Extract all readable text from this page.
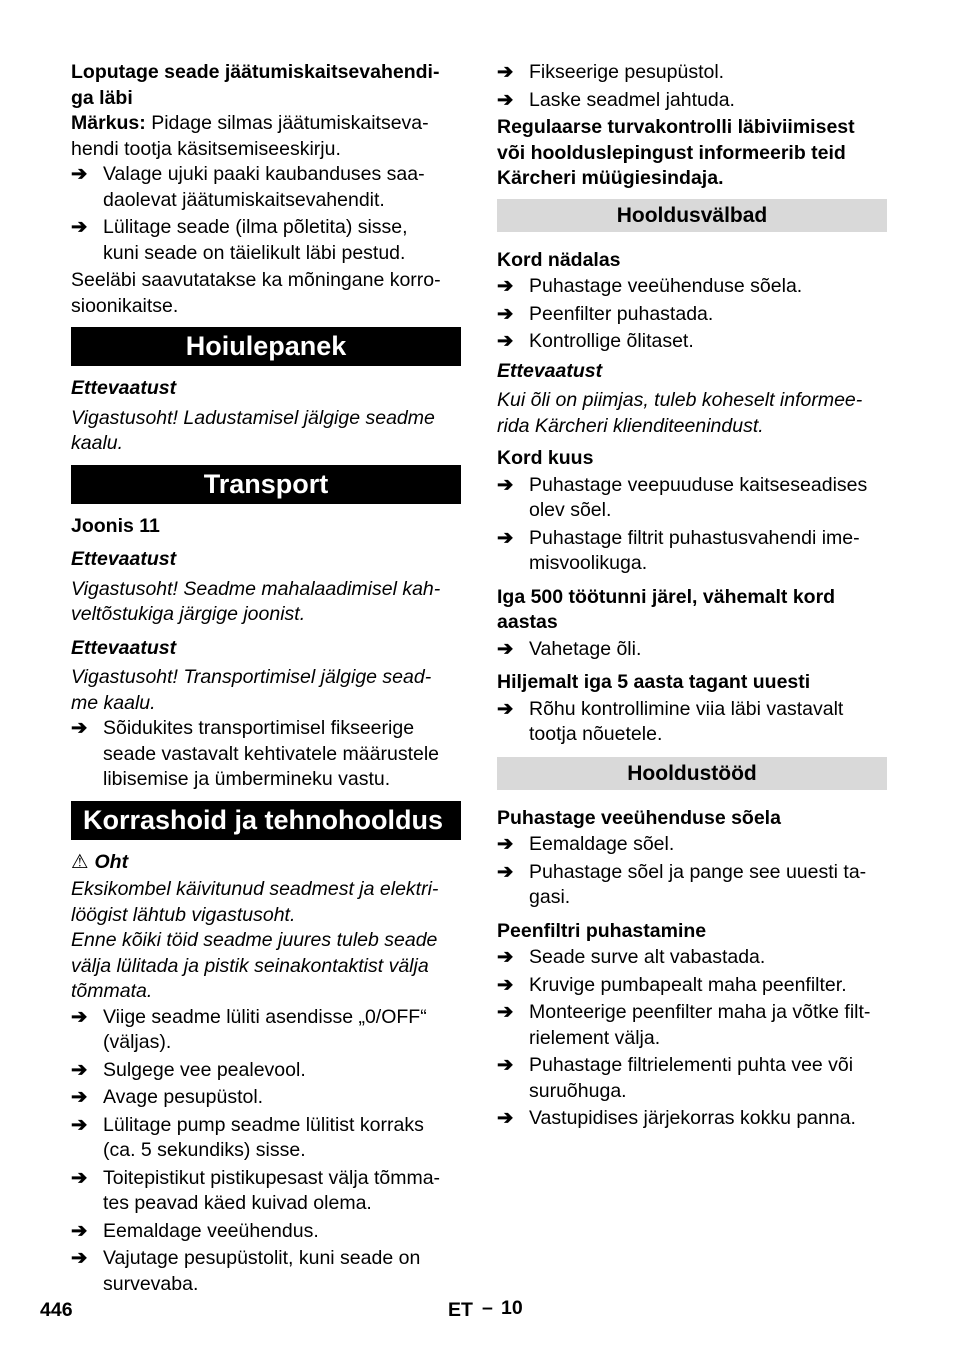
Loputage seade jäätumiskaitsevahendi-
ga läbi

Märkus: Pidage silmas jäätumiskaitseva-
hendi tootja käsitsemiseeskirju.

➔ Valage ujuki paaki kaubanduses saa-
daolevat jäätumiskaitsevahendit.
➔ Lülitage seade (ilma põletita) sisse,
kuni seade on täielikult läbi pestud.

Seeläbi saavutatakse ka mõningane korro-
sioonikaitse.

Hoiulepanek

Ettevaatust

Vigastusoht! Ladustamisel jälgige seadme
kaalu.

Transport

Joonis 11

Ettevaatust

Vigastusoht! Seadme mahalaadimisel kah-
veltõstukiga järgige joonist.

Ettevaatust

Vigastusoht! Transportimisel jälgige sead-
me kaalu.

➔ Sõidukites transportimisel fikseerige
seade vastavalt kehtivatele määrustele
libisemise ja ümbermineku vastu.
Korrashoid ja tehnohooldus

⚠ Oht

Eksikombel käivitunud seadmest ja elektri-
löögist lähtub vigastusoht.

Enne kõiki töid seadme juures tuleb seade
välja lülitada ja pistik seinakontaktist välja
tõmmata.

➔ Viige seadme lüliti asendisse „0/OFF“
(väljas).
➔ Sulgege vee pealevool.
➔ Avage pesupüstol.
➔ Lülitage pump seadme lülitist korraks
(ca. 5 sekundiks) sisse.
➔ Toitepistikut pistikupesast välja tõmma-
tes peavad käed kuivad olema.
➔ Eemaldage veeühendus.
➔ Vajutage pesupüstolit, kuni seade on
survevaba.
➔ Fikseerige pesupüstol.
➔ Laske seadmel jahtuda.

Regulaarse turvakontrolli läbiviimisest
või hoolduslepingust informeerib teid
Kärcheri müügiesindaja.

Hooldusvälbad

Kord nädalas

➔ Puhastage veeühenduse sõela.
➔ Peenfilter puhastada.
➔ Kontrollige õlitaset.

Ettevaatust

Kui õli on piimjas, tuleb koheselt informee-
rida Kärcheri klienditeenindust.

Kord kuus

➔ Puhastage veepuuduse kaitseseadises
olev sõel.
➔ Puhastage filtrit puhastusvahendi ime-
misvoolikuga.

Iga 500 töötunni järel, vähemalt kord
aastas

➔ Vahetage õli.

Hiljemalt iga 5 aasta tagant uuesti

➔ Rõhu kontrollimine viia läbi vastavalt
tootja nõuetele.
Hooldustööd

Puhastage veeühenduse sõela

➔ Eemaldage sõel.
➔ Puhastage sõel ja pange see uuesti ta-
gasi.

Peenfiltri puhastamine

➔ Seade surve alt vabastada.
➔ Kruvige pumbapealt maha peenfilter.
➔ Monteerige peenfilter maha ja võtke filt-
rielement välja.
➔ Puhastage filtrielementi puhta vee või
suruõhuga.
➔ Vastupidises järjekorras kokku panna.
446	ET – 10
